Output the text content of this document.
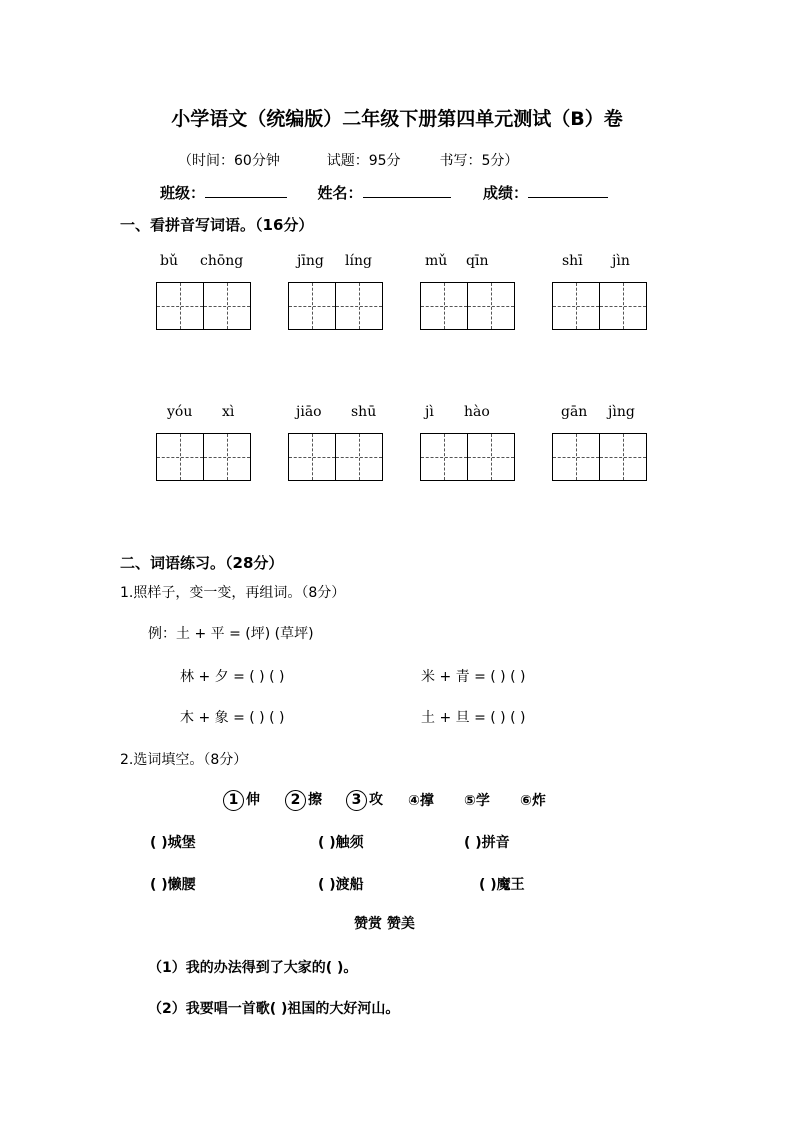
小学语文（统编版）二年级下册第四单元测试（B）卷
（时间：60分钟	试题：95分	书写：5分）
班级：	姓名：	成绩：
一、看拼音写词语。（16分）
bǔ chōng	jīng líng	mǔ qīn	shī jìn
yóu xì	jiāo shū	jì hào	gān jìng
二、词语练习。（28分）
1.照样子，变一变，再组词。（8分）
例：土 + 平 = (坪) (草坪)
林 + 夕 = ( ) ( )	米 + 青 = ( ) ( )
木 + 象 = ( ) ( )	土 + 旦 = ( ) ( )
2.选词填空。（8分）
1 伸	2 擦	3 攻 ④撑 ⑤学 ⑥炸
( )城堡	( )触须	( )拼音
( )懒腰	( )渡船	( )魔王
赞赏 赞美
（1）我的办法得到了大家的( )。
（2）我要唱一首歌( )祖国的大好河山。
